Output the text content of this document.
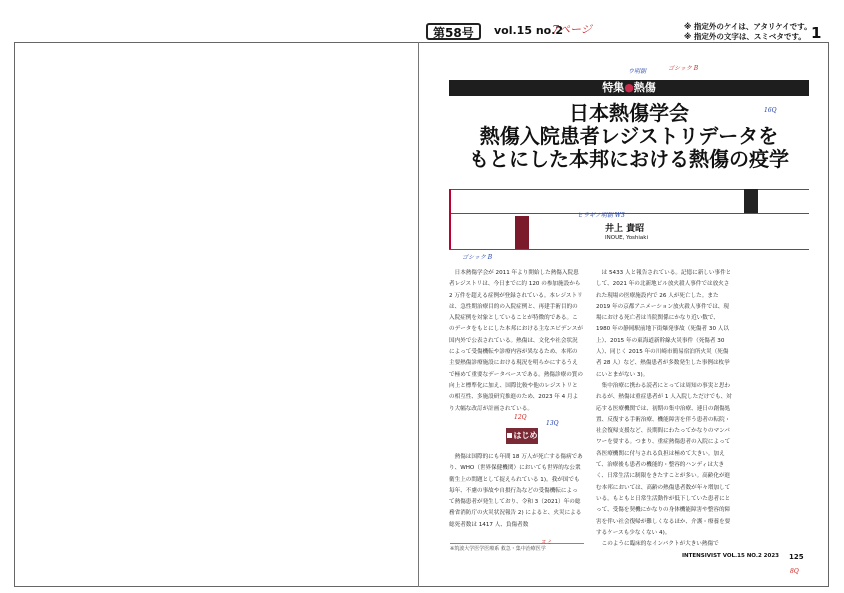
第58号	vol.15 no.2
7ページ	※ 指定外のケイは、アタリケイです。
※ 指定外の文字は、スミベタです。 1
特集●熱傷
日本熱傷学会
熱傷入院患者レジストリデータを
もとにした本邦における熱傷の疫学
井上 貴昭
INOUE, Yoshiaki

日本熱傷学会が 2011 年より開始した熱傷入院患者レジストリは、今日までに約 120 の参加施設から 2 万件を超える症例が登録されている。本レジストリは、急性期治療目的の入院症例と、再建手術目的の入院症例を対象としていることが特徴的である。このデータをもとにした本邦における主なエビデンスが国内外で公表されている。熱傷は、文化や社会状況によって受傷機転や診療内容が異なるため、本邦の主要熱傷診療施設における現況を明らかにするうえで極めて重要なデータベースである。熱傷診療の質の向上と標準化に加え、国際比較や他のレジストリとの相互性、多施設研究推進のため、2023 年 4 月より大幅な改訂が計画されている。

はじめに

熱傷は国際的にも年間 18 万人が死亡する傷病であり、WHO（世界保健機関）においても世界的な公衆衛生上の問題として捉えられている 1)。我が国でも毎年、不慮の事故や自損行為などの受傷機転によって熱傷患者が発生しており、令和 3（2021）年の総務省消防庁の火災状況報告 2) によると、火災による総死者数は 1417 人、負傷者数

は 5433 人と報告されている。記憶に新しい事件として、2021 年の北新地ビル放火殺人事件では放火された現場の医療施設内で 26 人が死亡した。また 2019 年の京都アニメーション放火殺人事件では、現場における死亡者は当院関係にかなり近い数で、1980 年の静岡駅前地下街爆発事故（死傷者 30 人以上）、2015 年の東海道新幹線火災事件（死傷者 30 人）、同じく 2015 年の川崎市簡易宿泊所火災（死傷者 28 人）など、熱傷患者が多数発生した事例は枚挙にいとまがない 3)。

集中治療に携わる読者にとっては周知の事実と思われるが、熱傷は重症患者が 1 人入院しただけでも、対応する医療機関では、初期の集中治療、連日の創傷処置、反復する手術治療、機能障害を伴う患者の転院・社会復帰支援など、長期間にわたってかなりのマンパワーを要する。つまり、重症熱傷患者の入院によって各医療機関に付与される負担は極めて大きい。加えて、治療後も患者の機能的・整容的ハンディは大きく、日常生活に制限をきたすことが多い。高齢化が進む本邦においては、高齢の熱傷患者数が年々増加している。もともと日常生活動作が低下していた患者にとって、受傷を契機にかなりの身体機能障害や整容的障害を伴い社会復帰が難しくなるほか、介護・療養を要するケースも少なくない 4)。

このように臨床的なインパクトが大きい熱傷で

※筑波大学医学医療系 救急・集中治療医学
INTENSIVIST VOL.15 NO.2 2023 125
ウ明朝	ゴシック B
16Q
ヒラギノ明朝 W3
ゴシック B
12Q
13Q
スミ
8Q
